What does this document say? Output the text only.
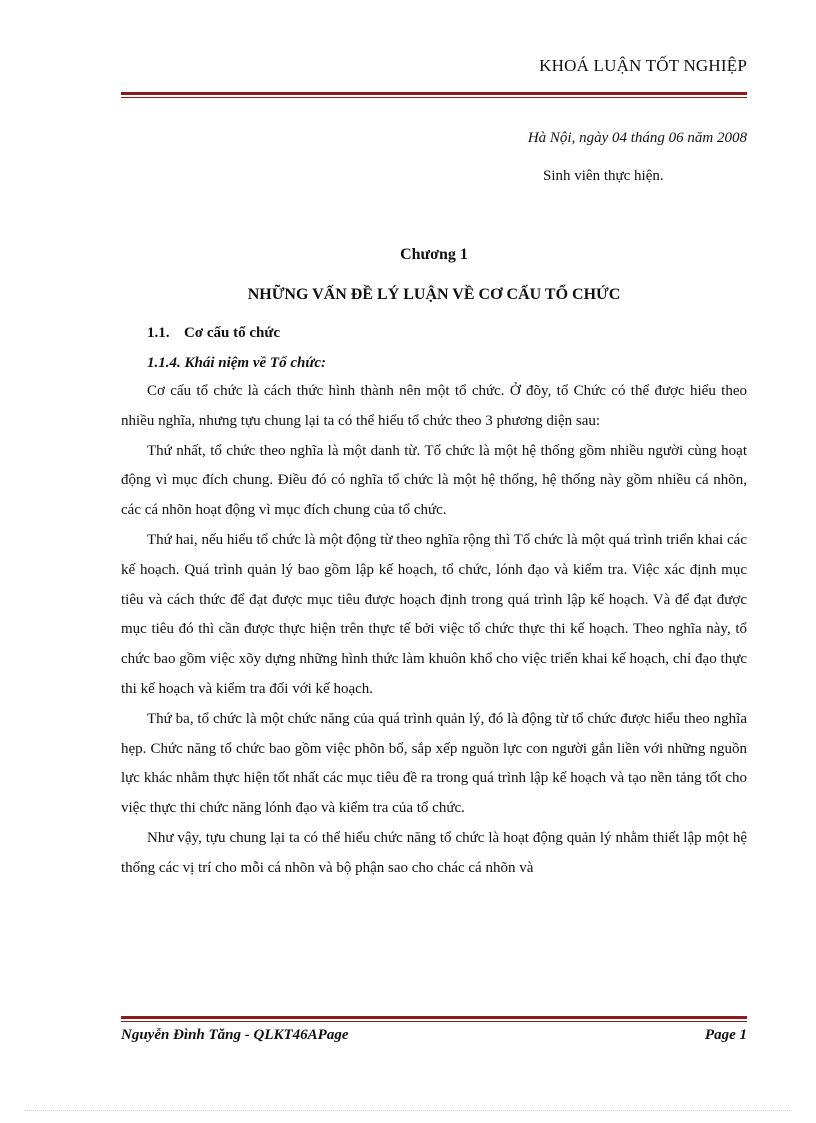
KHOÁ LUẬN TỐT NGHIỆP
Hà Nội, ngày 04 tháng 06 năm 2008
Sinh viên thực hiện.
Chương 1
NHỮNG VẤN ĐỀ LÝ LUẬN VỀ CƠ CẤU TỔ CHỨC
1.1. Cơ cấu tổ chức
1.1.4. Khái niệm về Tổ chức:

Cơ cấu tổ chức là cách thức hình thành nên một tổ chức. Ở đõy, tổ Chức có thể được hiểu theo nhiều nghĩa, nhưng tựu chung lại ta có thể hiểu tổ chức theo 3 phương diện sau:

Thứ nhất, tổ chức theo nghĩa là một danh từ. Tổ chức là một hệ thống gồm nhiều người cùng hoạt động vì mục đích chung. Điều đó có nghĩa tổ chức là một hệ thống, hệ thống này gồm nhiều cá nhõn, các cá nhõn hoạt động vì mục đích chung của tổ chức.

Thứ hai, nếu hiểu tổ chức là một động từ theo nghĩa rộng thì Tổ chức là một quá trình triển khai các kế hoạch. Quá trình quản lý bao gồm lập kế hoạch, tổ chức, lónh đạo và kiểm tra. Việc xác định mục tiêu và cách thức để đạt được mục tiêu được hoạch định trong quá trình lập kế hoạch. Và để đạt được mục tiêu đó thì cần được thực hiện trên thực tế bởi việc tổ chức thực thi kế hoạch. Theo nghĩa này, tổ chức bao gồm việc xõy dựng những hình thức làm khuôn khổ cho việc triển khai kế hoạch, chỉ đạo thực thi kế hoạch và kiểm tra đối với kế hoạch.

Thứ ba, tổ chức là một chức năng của quá trình quản lý, đó là động từ tổ chức được hiểu theo nghĩa hẹp. Chức năng tổ chức bao gồm việc phõn bổ, sắp xếp nguồn lực con người gắn liền với những nguồn lực khác nhằm thực hiện tốt nhất các mục tiêu đề ra trong quá trình lập kế hoạch và tạo nền tảng tốt cho việc thực thi chức năng lónh đạo và kiểm tra của tổ chức.

Như vậy, tựu chung lại ta có thể hiểu chức năng tổ chức là hoạt động quản lý nhằm thiết lập một hệ thống các vị trí cho mỗi cá nhõn và bộ phận sao cho chác cá nhõn và

Nguyễn Đình Tăng - QLKT46APage	Page 1
